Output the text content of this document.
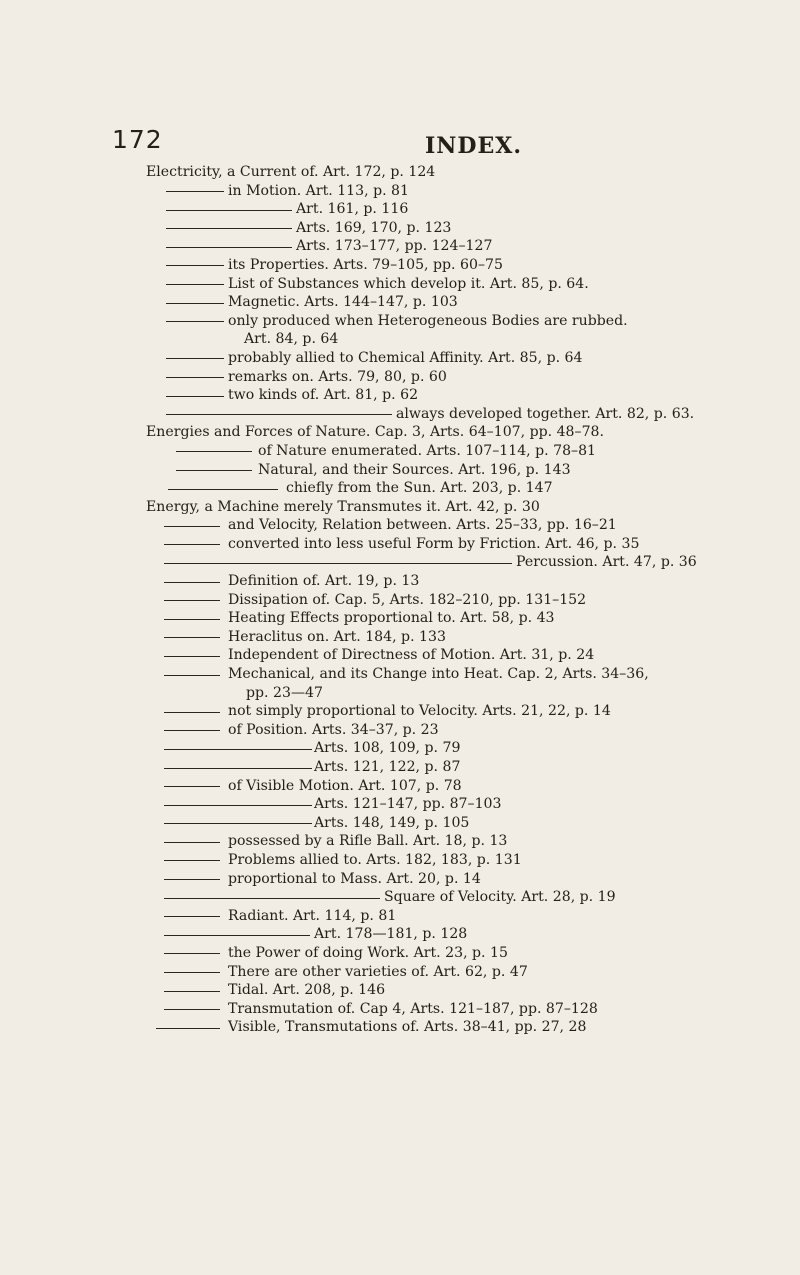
172	INDEX.
Electricity, a Current of. Art. 172, p. 124
in Motion. Art. 113, p. 81
Art. 161, p. 116
Arts. 169, 170, p. 123
Arts. 173–177, pp. 124–127
its Properties. Arts. 79–105, pp. 60–75
List of Substances which develop it. Art. 85, p. 64.
Magnetic. Arts. 144–147, p. 103
only produced when Heterogeneous Bodies are rubbed.
Art. 84, p. 64
probably allied to Chemical Affinity. Art. 85, p. 64
remarks on. Arts. 79, 80, p. 60
two kinds of. Art. 81, p. 62
always developed together. Art. 82, p. 63.
Energies and Forces of Nature. Cap. 3, Arts. 64–107, pp. 48–78.
of Nature enumerated. Arts. 107–114, p. 78–81
Natural, and their Sources. Art. 196, p. 143
chiefly from the Sun. Art. 203, p. 147
Energy, a Machine merely Transmutes it. Art. 42, p. 30
and Velocity, Relation between. Arts. 25–33, pp. 16–21
converted into less useful Form by Friction. Art. 46, p. 35
Percussion. Art. 47, p. 36
Definition of. Art. 19, p. 13
Dissipation of. Cap. 5, Arts. 182–210, pp. 131–152
Heating Effects proportional to. Art. 58, p. 43
Heraclitus on. Art. 184, p. 133
Independent of Directness of Motion. Art. 31, p. 24
Mechanical, and its Change into Heat. Cap. 2, Arts. 34–36,
pp. 23—47
not simply proportional to Velocity. Arts. 21, 22, p. 14
of Position. Arts. 34–37, p. 23
Arts. 108, 109, p. 79
Arts. 121, 122, p. 87
of Visible Motion. Art. 107, p. 78
Arts. 121–147, pp. 87–103
Arts. 148, 149, p. 105
possessed by a Rifle Ball. Art. 18, p. 13
Problems allied to. Arts. 182, 183, p. 131
proportional to Mass. Art. 20, p. 14
Square of Velocity. Art. 28, p. 19
Radiant. Art. 114, p. 81
Art. 178—181, p. 128
the Power of doing Work. Art. 23, p. 15
There are other varieties of. Art. 62, p. 47
Tidal. Art. 208, p. 146
Transmutation of. Cap 4, Arts. 121–187, pp. 87–128
Visible, Transmutations of. Arts. 38–41, pp. 27, 28
